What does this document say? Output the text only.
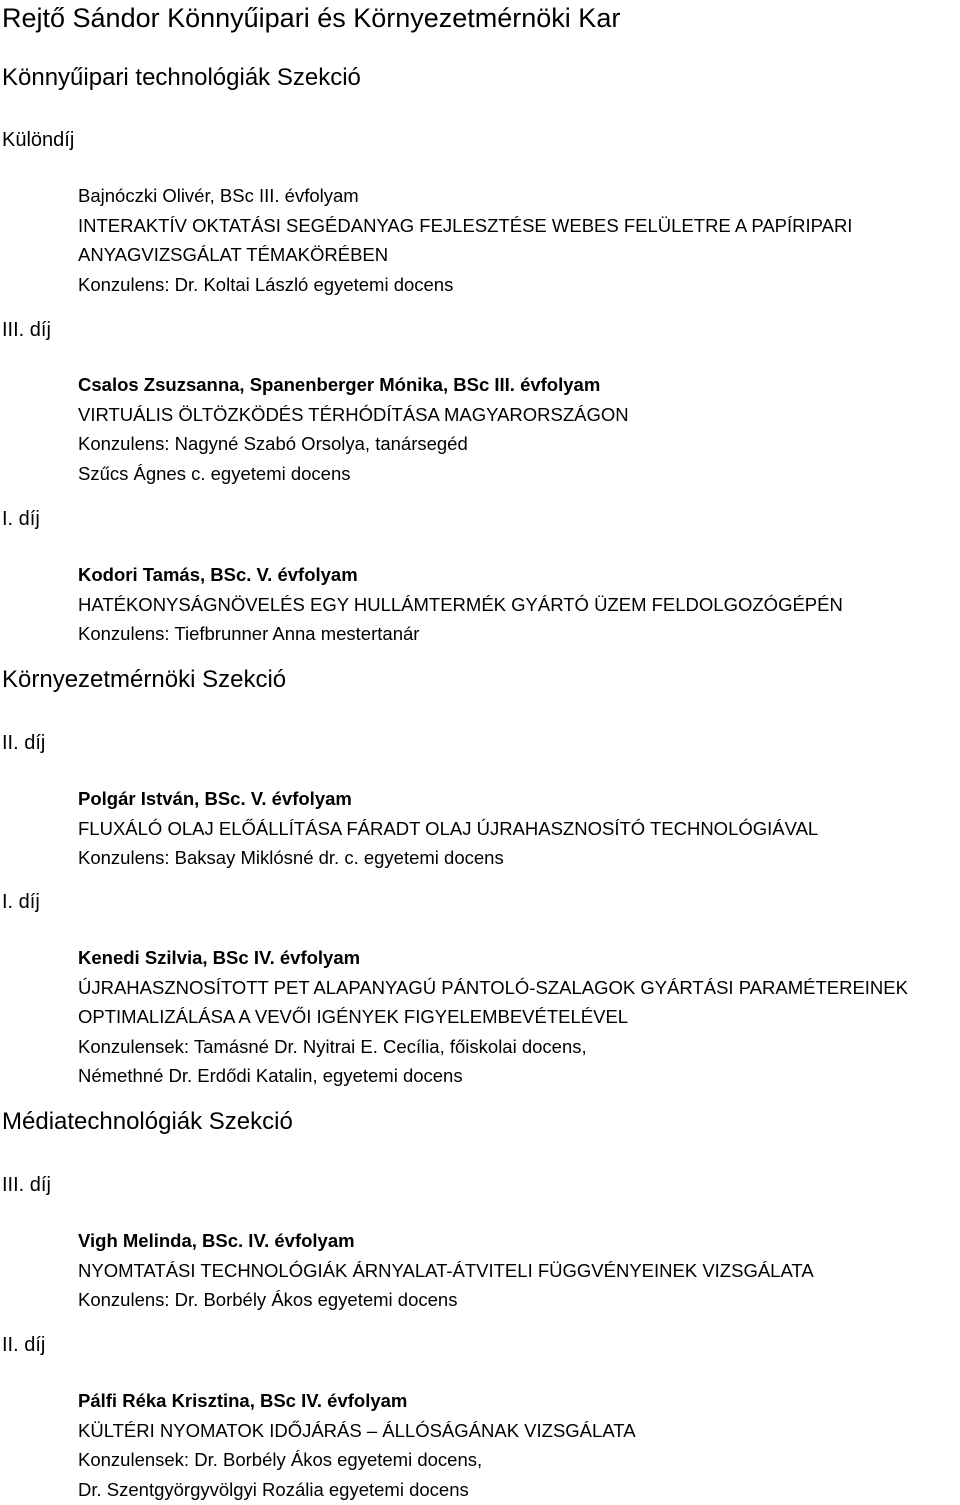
Rejtő Sándor Könnyűipari és Környezetmérnöki Kar
Könnyűipari technológiák Szekció
Különdíj
Bajnóczki Olivér, BSc III. évfolyam
INTERAKTÍV OKTATÁSI SEGÉDANYAG FEJLESZTÉSE WEBES FELÜLETRE A PAPÍRIPARI
ANYAGVIZSGÁLAT TÉMAKÖRÉBEN
Konzulens: Dr. Koltai László egyetemi docens
III. díj
Csalos Zsuzsanna, Spanenberger Mónika, BSc III. évfolyam
VIRTUÁLIS ÖLTÖZKÖDÉS TÉRHÓDÍTÁSA MAGYARORSZÁGON
Konzulens: Nagyné Szabó Orsolya, tanársegéd
Szűcs Ágnes c. egyetemi docens
I. díj
Kodori Tamás, BSc. V. évfolyam
HATÉKONYSÁGNÖVELÉS EGY HULLÁMTERMÉK GYÁRTÓ ÜZEM FELDOLGOZÓGÉPÉN
Konzulens: Tiefbrunner Anna mestertanár
Környezetmérnöki Szekció
II. díj
Polgár István, BSc. V. évfolyam
FLUXÁLÓ OLAJ ELŐÁLLÍTÁSA FÁRADT OLAJ ÚJRAHASZNOSÍTÓ TECHNOLÓGIÁVAL
Konzulens: Baksay Miklósné dr. c. egyetemi docens
I. díj
Kenedi Szilvia, BSc IV. évfolyam
ÚJRAHASZNOSÍTOTT PET ALAPANYAGÚ PÁNTOLÓ-SZALAGOK GYÁRTÁSI PARAMÉTEREINEK
OPTIMALIZÁLÁSA A VEVŐI IGÉNYEK FIGYELEMBEVÉTELÉVEL
Konzulensek: Tamásné Dr. Nyitrai E. Cecília, főiskolai docens,
Némethné Dr. Erdődi Katalin, egyetemi docens
Médiatechnológiák Szekció
III. díj
Vigh Melinda, BSc. IV. évfolyam
NYOMTATÁSI TECHNOLÓGIÁK ÁRNYALAT-ÁTVITELI FÜGGVÉNYEINEK VIZSGÁLATA
Konzulens: Dr. Borbély Ákos egyetemi docens
II. díj
Pálfi Réka Krisztina, BSc IV. évfolyam
KÜLTÉRI NYOMATOK IDŐJÁRÁS – ÁLLÓSÁGÁNAK VIZSGÁLATA
Konzulensek: Dr. Borbély Ákos egyetemi docens,
Dr. Szentgyörgyvölgyi Rozália egyetemi docens
